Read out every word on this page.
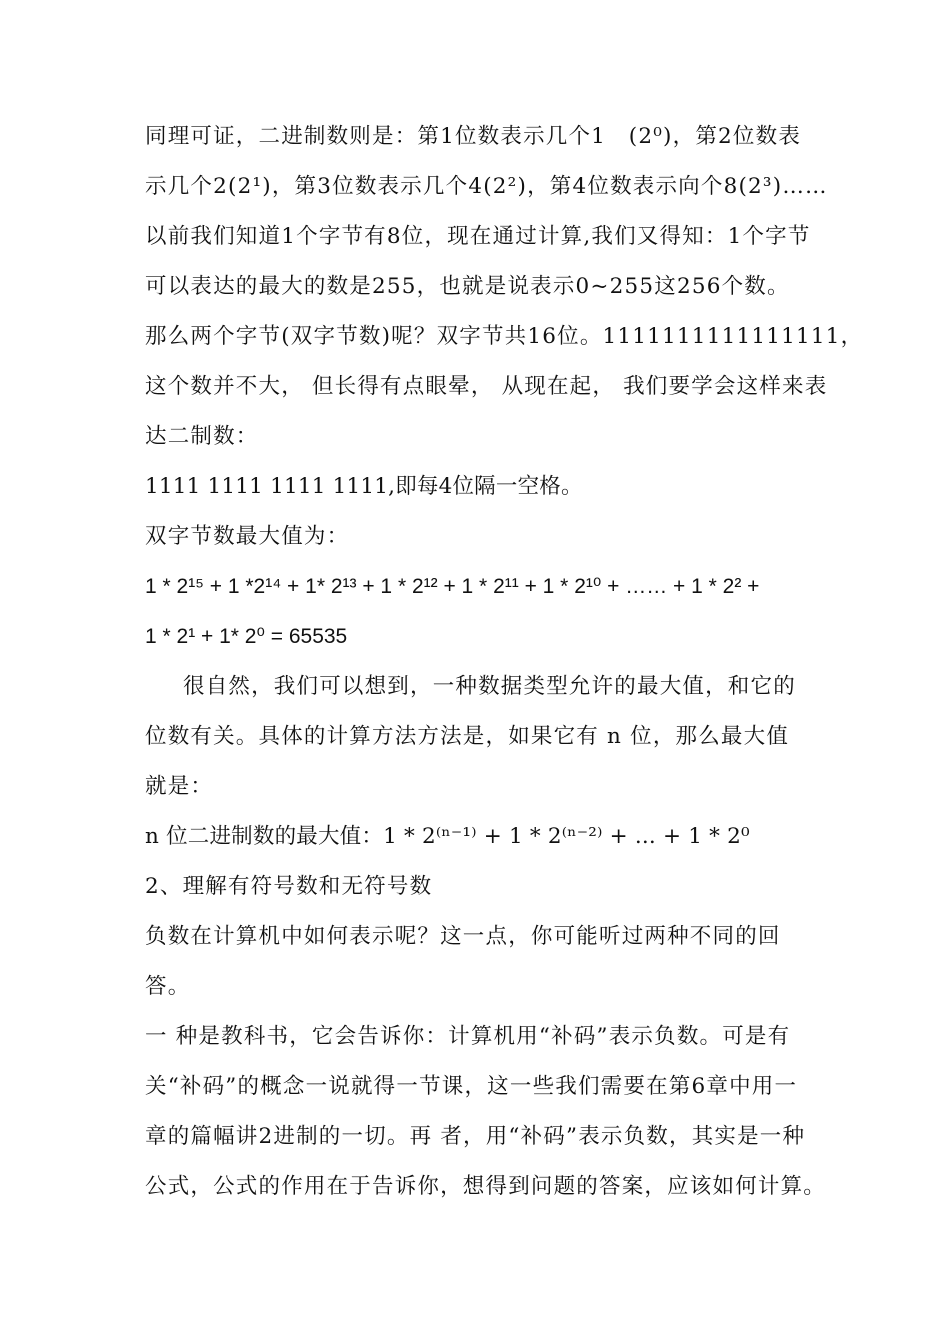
同理可证，二进制数则是：第1位数表示几个1　(2⁰)，第2位数表
示几个2(2¹)，第3位数表示几个4(2²)，第4位数表示向个8(2³)……
以前我们知道1个字节有8位，现在通过计算,我们又得知：1个字节
可以表达的最大的数是255，也就是说表示0~255这256个数。
那么两个字节(双字节数)呢？双字节共16位。1111111111111111，
这个数并不大， 但长得有点眼晕， 从现在起， 我们要学会这样来表
达二制数：
1111 1111 1111 1111,即每4位隔一空格。
双字节数最大值为：
1 * 2¹⁵ + 1 *2¹⁴ + 1* 2¹³ + 1 * 2¹² + 1 * 2¹¹ + 1 * 2¹⁰ + …… + 1 * 2² +
1 * 2¹ + 1* 2⁰ = 65535
很自然，我们可以想到，一种数据类型允许的最大值，和它的
位数有关。具体的计算方法方法是，如果它有 n 位，那么最大值
就是：
n 位二进制数的最大值：1 * 2⁽ⁿ⁻¹⁾ + 1 * 2⁽ⁿ⁻²⁾ + ... + 1 * 2⁰
2、理解有符号数和无符号数
负数在计算机中如何表示呢？这一点，你可能听过两种不同的回
答。
一 种是教科书，它会告诉你：计算机用“补码”表示负数。可是有
关“补码”的概念一说就得一节课，这一些我们需要在第6章中用一
章的篇幅讲2进制的一切。再 者，用“补码”表示负数，其实是一种
公式，公式的作用在于告诉你，想得到问题的答案，应该如何计算。
